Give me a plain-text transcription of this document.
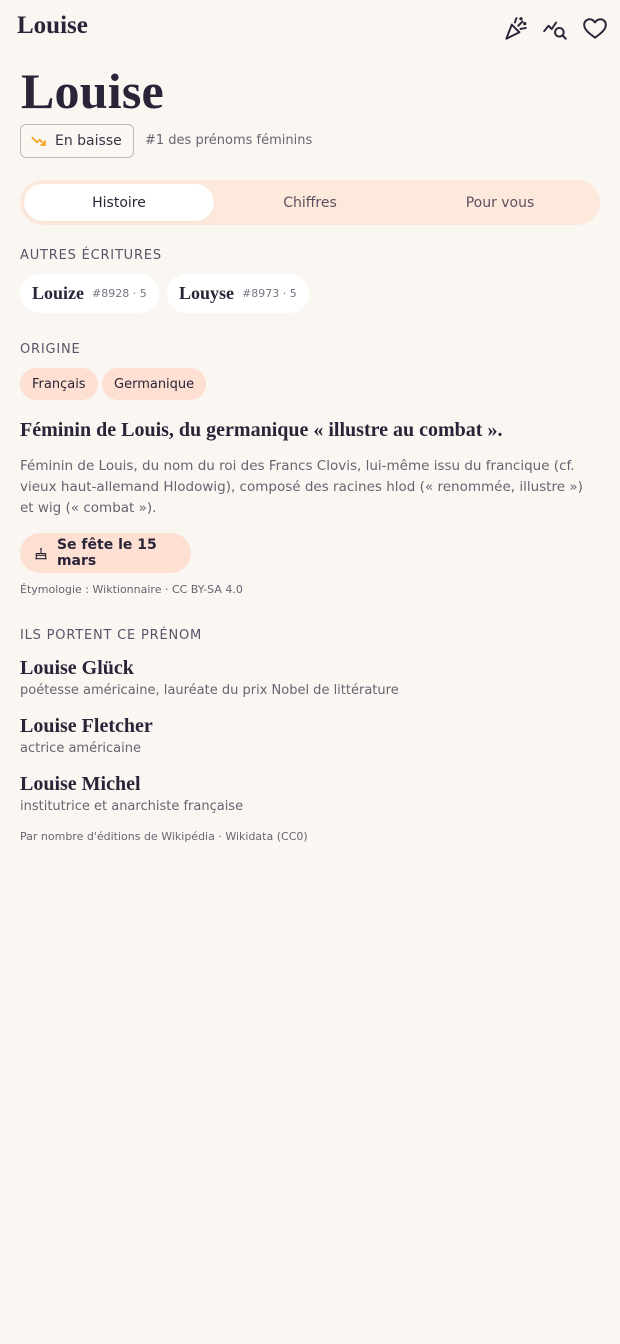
Louise
Louise
En baisse #1 des prénoms féminins
Histoire	Chiffres	Pour vous
AUTRES ÉCRITURES
Louize #8928 · 5 Louyse #8973 · 5
ORIGINE
Français	Germanique
Féminin de Louis, du germanique « illustre au combat ».
Féminin de Louis, du nom du roi des Francs Clovis, lui-même issu du francique (cf. vieux haut-allemand Hlodowig), composé des racines hlod (« renommée, illustre ») et wig (« combat »).
Se fête le 15 mars
Étymologie : Wiktionnaire · CC BY-SA 4.0
ILS PORTENT CE PRÉNOM
Louise Glück
poétesse américaine, lauréate du prix Nobel de littérature
Louise Fletcher
actrice américaine
Louise Michel
institutrice et anarchiste française
Par nombre d'éditions de Wikipédia · Wikidata (CC0)
